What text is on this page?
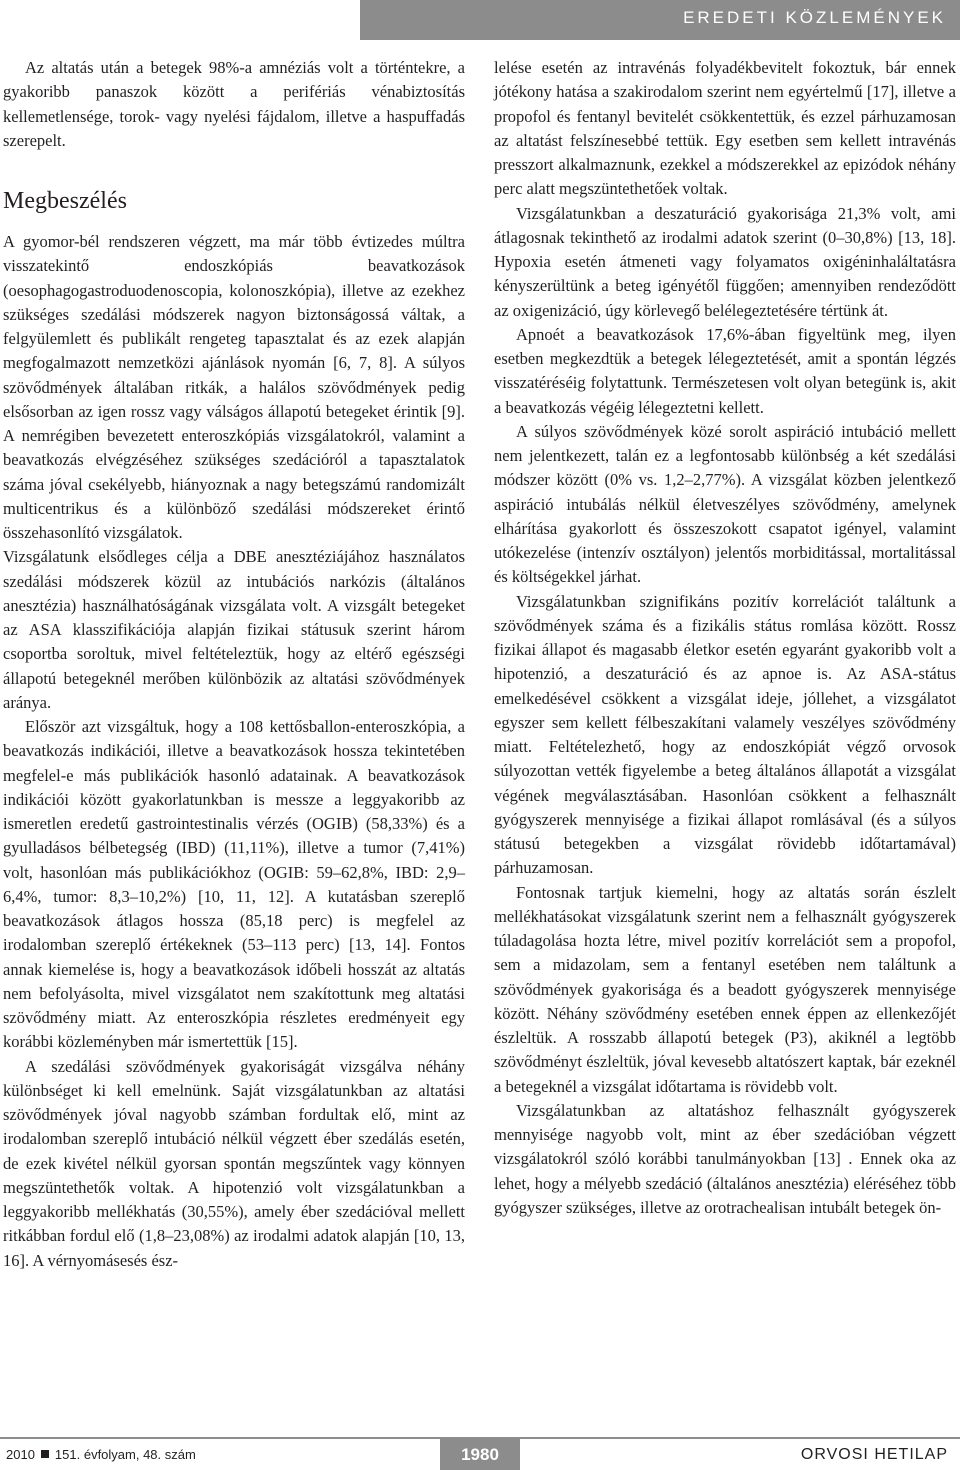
EREDETI KÖZLEMÉNYEK

Az altatás után a betegek 98%-a amnéziás volt a történtekre, a gyakoribb panaszok között a perifériás vénabiztosítás kellemetlensége, torok- vagy nyelési fájdalom, illetve a haspuffadás szerepelt.

Megbeszélés

A gyomor-bél rendszeren végzett, ma már több évtizedes múltra visszatekintő endoszkópiás beavatkozások (oesophagogastroduodenoscopia, kolonoszkópia), illetve az ezekhez szükséges szedálási módszerek nagyon biztonságossá váltak, a felgyülemlett és publikált rengeteg tapasztalat és az ezek alapján megfogalmazott nemzetközi ajánlások nyomán [6, 7, 8]. A súlyos szövődmények általában ritkák, a halálos szövődmények pedig elsősorban az igen rossz vagy válságos állapotú betegeket érintik [9]. A nemrégiben bevezetett enteroszkópiás vizsgálatokról, valamint a beavatkozás elvégzéséhez szükséges szedációról a tapasztalatok száma jóval csekélyebb, hiányoznak a nagy betegszámú randomizált multicentrikus és a különböző szedálási módszereket érintő összehasonlító vizsgálatok.

Vizsgálatunk elsődleges célja a DBE anesztéziájához használatos szedálási módszerek közül az intubációs narkózis (általános anesztézia) használhatóságának vizsgálata volt. A vizsgált betegeket az ASA klasszifikációja alapján fizikai státusuk szerint három csoportba soroltuk, mivel feltételeztük, hogy az eltérő egészségi állapotú betegeknél merőben különbözik az altatási szövődmények aránya.

Először azt vizsgáltuk, hogy a 108 kettősballon-enteroszkópia, a beavatkozás indikációi, illetve a beavatkozások hossza tekintetében megfelel-e más publikációk hasonló adatainak. A beavatkozások indikációi között gyakorlatunkban is messze a leggyakoribb az ismeretlen eredetű gastrointestinalis vérzés (OGIB) (58,33%) és a gyulladásos bélbetegség (IBD) (11,11%), illetve a tumor (7,41%) volt, hasonlóan más publikációkhoz (OGIB: 59–62,8%, IBD: 2,9–6,4%, tumor: 8,3–10,2%) [10, 11, 12]. A kutatásban szereplő beavatkozások átlagos hossza (85,18 perc) is megfelel az irodalomban szereplő értékeknek (53–113 perc) [13, 14]. Fontos annak kiemelése is, hogy a beavatkozások időbeli hosszát az altatás nem befolyásolta, mivel vizsgálatot nem szakítottunk meg altatási szövődmény miatt. Az enteroszkópia részletes eredményeit egy korábbi közleményben már ismertettük [15].

A szedálási szövődmények gyakoriságát vizsgálva néhány különbséget ki kell emelnünk. Saját vizsgálatunkban az altatási szövődmények jóval nagyobb számban fordultak elő, mint az irodalomban szereplő intubáció nélkül végzett éber szedálás esetén, de ezek kivétel nélkül gyorsan spontán megszűntek vagy könnyen megszüntethetők voltak. A hipotenzió volt vizsgálatunkban a leggyakoribb mellékhatás (30,55%), amely éber szedációval mellett ritkábban fordul elő (1,8–23,08%) az irodalmi adatok alapján [10, 13, 16]. A vérnyomásesés ész-

lelése esetén az intravénás folyadékbevitelt fokoztuk, bár ennek jótékony hatása a szakirodalom szerint nem egyértelmű [17], illetve a propofol és fentanyl bevitelét csökkentettük, és ezzel párhuzamosan az altatást felszínesebbé tettük. Egy esetben sem kellett intravénás presszort alkalmaznunk, ezekkel a módszerekkel az epizódok néhány perc alatt megszüntethetőek voltak.

Vizsgálatunkban a deszaturáció gyakorisága 21,3% volt, ami átlagosnak tekinthető az irodalmi adatok szerint (0–30,8%) [13, 18]. Hypoxia esetén átmeneti vagy folyamatos oxigéninhaláltatásra kényszerültünk a beteg igényétől függően; amennyiben rendeződött az oxigenizáció, úgy körlevegő belélegeztetésére tértünk át.

Apnoét a beavatkozások 17,6%-ában figyeltünk meg, ilyen esetben megkezdtük a betegek lélegeztetését, amit a spontán légzés visszatéréséig folytattunk. Természetesen volt olyan betegünk is, akit a beavatkozás végéig lélegeztetni kellett.

A súlyos szövődmények közé sorolt aspiráció intubáció mellett nem jelentkezett, talán ez a legfontosabb különbség a két szedálási módszer között (0% vs. 1,2–2,77%). A vizsgálat közben jelentkező aspiráció intubálás nélkül életveszélyes szövődmény, amelynek elhárítása gyakorlott és összeszokott csapatot igényel, valamint utókezelése (intenzív osztályon) jelentős morbiditással, mortalitással és költségekkel járhat.

Vizsgálatunkban szignifikáns pozitív korrelációt találtunk a szövődmények száma és a fizikális státus romlása között. Rossz fizikai állapot és magasabb életkor esetén egyaránt gyakoribb volt a hipotenzió, a deszaturáció és az apnoe is. Az ASA-státus emelkedésével csökkent a vizsgálat ideje, jóllehet, a vizsgálatot egyszer sem kellett félbeszakítani valamely veszélyes szövődmény miatt. Feltételezhető, hogy az endoszkópiát végző orvosok súlyozottan vették figyelembe a beteg általános állapotát a vizsgálat végének megválasztásában. Hasonlóan csökkent a felhasznált gyógyszerek mennyisége a fizikai állapot romlásával (és a súlyos státusú betegekben a vizsgálat rövidebb időtartamával) párhuzamosan.

Fontosnak tartjuk kiemelni, hogy az altatás során észlelt mellékhatásokat vizsgálatunk szerint nem a felhasznált gyógyszerek túladagolása hozta létre, mivel pozitív korrelációt sem a propofol, sem a midazolam, sem a fentanyl esetében nem találtunk a szövődmények gyakorisága és a beadott gyógyszerek mennyisége között. Néhány szövődmény esetében ennek éppen az ellenkezőjét észleltük. A rosszabb állapotú betegek (P3), akiknél a legtöbb szövődményt észleltük, jóval kevesebb altatószert kaptak, bár ezeknél a betegeknél a vizsgálat időtartama is rövidebb volt.

Vizsgálatunkban az altatáshoz felhasznált gyógyszerek mennyisége nagyobb volt, mint az éber szedációban végzett vizsgálatokról szóló korábbi tanulmányokban [13] . Ennek oka az lehet, hogy a mélyebb szedáció (általános anesztézia) eléréséhez több gyógyszer szükséges, illetve az orotrachealisan intubált betegek ön-

2010 151. évfolyam, 48. szám	1980	ORVOSI HETILAP
